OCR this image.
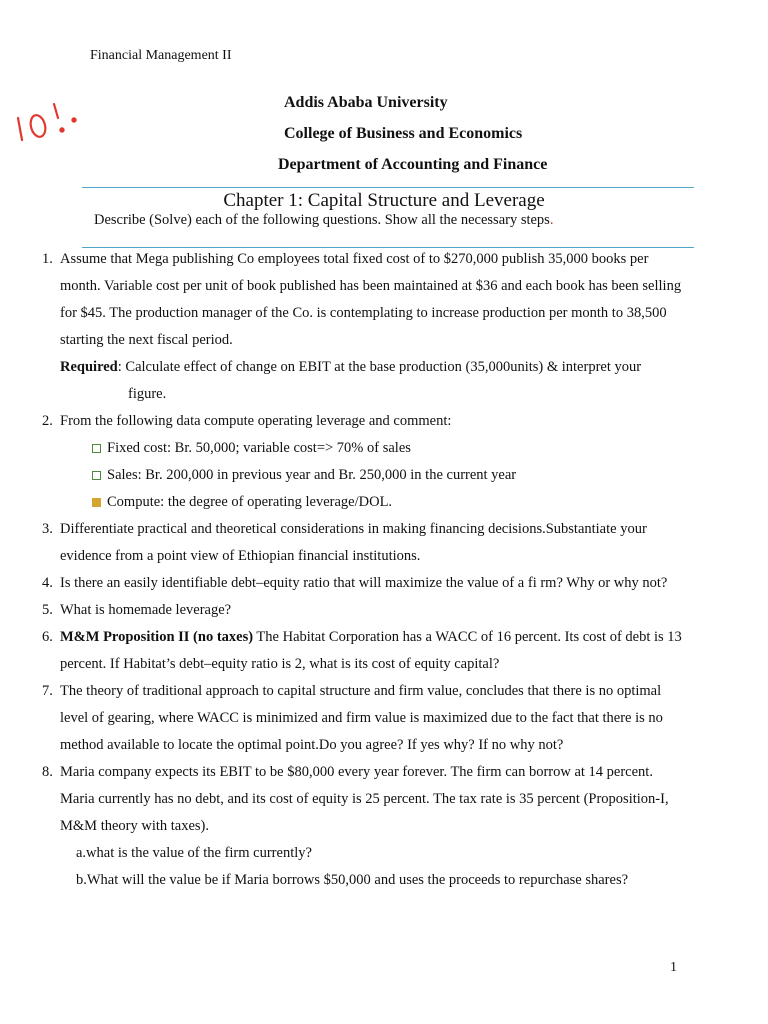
Financial Management II
Addis Ababa University
College of Business and Economics
Department of Accounting and Finance
Chapter 1: Capital Structure and Leverage
Describe (Solve) each of the following questions. Show all the necessary steps.
1. Assume that Mega publishing Co employees total fixed cost of to $270,000 publish 35,000 books per month. Variable cost per unit of book published has been maintained at $36 and each book has been selling for $45. The production manager of the Co. is contemplating to increase production per month to 38,500 starting the next fiscal period.
Required: Calculate effect of change on EBIT at the base production (35,000units) & interpret your
figure.
2. From the following data compute operating leverage and comment:
Fixed cost: Br. 50,000; variable cost=> 70% of sales
Sales: Br. 200,000 in previous year and Br. 250,000 in the current year
Compute: the degree of operating leverage/DOL.
3. Differentiate practical and theoretical considerations in making financing decisions.Substantiate your evidence from a point view of Ethiopian financial institutions.
4. Is there an easily identifiable debt–equity ratio that will maximize the value of a fi rm? Why or why not?
5. What is homemade leverage?
6. M&M Proposition II (no taxes) The Habitat Corporation has a WACC of 16 percent. Its cost of debt is 13 percent. If Habitat’s debt–equity ratio is 2, what is its cost of equity capital?
7. The theory of traditional approach to capital structure and firm value, concludes that there is no optimal level of gearing, where WACC is minimized and firm value is maximized due to the fact that there is no method available to locate the optimal point.Do you agree? If yes why? If no why not?
8. Maria company expects its EBIT to be $80,000 every year forever. The firm can borrow at 14 percent. Maria currently has no debt, and its cost of equity is 25 percent. The tax rate is 35 percent (Proposition-I, M&M theory with taxes).
a.what is the value of the firm currently?
b.What will the value be if Maria borrows $50,000 and uses the proceeds to repurchase shares?
1
